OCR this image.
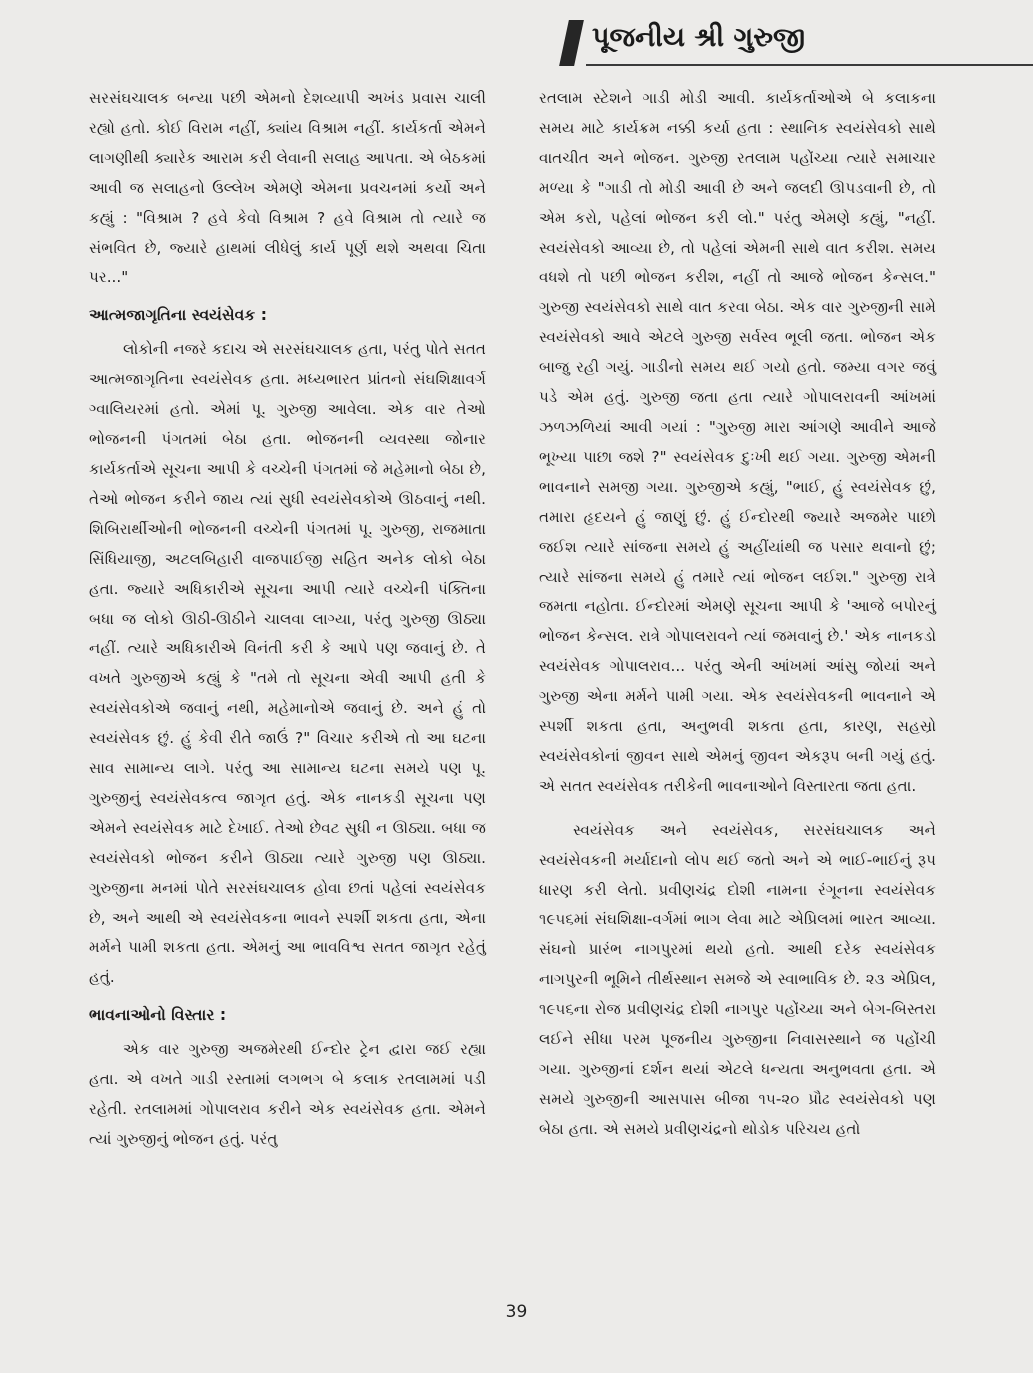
પૂજનીય શ્રી ગુરુજી

સરસંઘચાલક બન્યા પછી એમનો દેશવ્યાપી અખંડ પ્રવાસ ચાલી રહ્યો હતો. કોઈ વિરામ નહીં, ક્યાંય વિશ્રામ નહીં. કાર્યકર્તા એમને લાગણીથી ક્યારેક આરામ કરી લેવાની સલાહ આપતા. એ બેઠકમાં આવી જ સલાહનો ઉલ્લેખ એમણે એમના પ્રવચનમાં કર્યો અને કહ્યું : "વિશ્રામ ? હવે કેવો વિશ્રામ ? હવે વિશ્રામ તો ત્યારે જ સંભવિત છે, જ્યારે હાથમાં લીધેલું કાર્ય પૂર્ણ થશે અથવા ચિતા પર..."

આત્મજાગૃતિના સ્વયંસેવક :

લોકોની નજરે કદાચ એ સરસંઘચાલક હતા, પરંતુ પોતે સતત આત્મજાગૃતિના સ્વયંસેવક હતા. મધ્યભારત પ્રાંતનો સંઘશિક્ષાવર્ગ ગ્વાલિયરમાં હતો. એમાં પૂ. ગુરુજી આવેલા. એક વાર તેઓ ભોજનની પંગતમાં બેઠા હતા. ભોજનની વ્યવસ્થા જોનાર કાર્યકર્તાએ સૂચના આપી કે વચ્ચેની પંગતમાં જે મહેમાનો બેઠા છે, તેઓ ભોજન કરીને જાય ત્યાં સુધી સ્વયંસેવકોએ ઊઠવાનું નથી. શિબિરાર્થીઓની ભોજનની વચ્ચેની પંગતમાં પૂ. ગુરુજી, રાજમાતા સિંધિયાજી, અટલબિહારી વાજપાઈજી સહિત અનેક લોકો બેઠા હતા. જ્યારે અધિકારીએ સૂચના આપી ત્યારે વચ્ચેની પંક્તિના બધા જ લોકો ઊઠી-ઊઠીને ચાલવા લાગ્યા, પરંતુ ગુરુજી ઊઠ્યા નહીં. ત્યારે અધિકારીએ વિનંતી કરી કે આપે પણ જવાનું છે. તે વખતે ગુરુજીએ કહ્યું કે "તમે તો સૂચના એવી આપી હતી કે સ્વયંસેવકોએ જવાનું નથી, મહેમાનોએ જવાનું છે. અને હું તો સ્વયંસેવક છું. હું કેવી રીતે જાઉં ?" વિચાર કરીએ તો આ ઘટના સાવ સામાન્ય લાગે. પરંતુ આ સામાન્ય ઘટના સમયે પણ પૂ. ગુરુજીનું સ્વયંસેવકત્વ જાગૃત હતું. એક નાનકડી સૂચના પણ એમને સ્વયંસેવક માટે દેખાઈ. તેઓ છેવટ સુધી ન ઊઠ્યા. બધા જ સ્વયંસેવકો ભોજન કરીને ઊઠ્યા ત્યારે ગુરુજી પણ ઊઠ્યા. ગુરુજીના મનમાં પોતે સરસંઘચાલક હોવા છતાં પહેલાં સ્વયંસેવક છે, અને આથી એ સ્વયંસેવકના ભાવને સ્પર્શી શકતા હતા, એના મર્મને પામી શકતા હતા. એમનું આ ભાવવિશ્વ સતત જાગૃત રહેતું હતું.

ભાવનાઓનો વિસ્તાર :

એક વાર ગુરુજી અજમેરથી ઈન્દોર ટ્રેન દ્વારા જઈ રહ્યા હતા. એ વખતે ગાડી રસ્તામાં લગભગ બે કલાક રતલામમાં પડી રહેતી. રતલામમાં ગોપાલરાવ કરીને એક સ્વયંસેવક હતા. એમને ત્યાં ગુરુજીનું ભોજન હતું. પરંતુ

રતલામ સ્ટેશને ગાડી મોડી આવી. કાર્યકર્તાઓએ બે કલાકના સમય માટે કાર્યક્રમ નક્કી કર્યા હતા : સ્થાનિક સ્વયંસેવકો સાથે વાતચીત અને ભોજન. ગુરુજી રતલામ પહોંચ્યા ત્યારે સમાચાર મળ્યા કે "ગાડી તો મોડી આવી છે અને જલદી ઊપડવાની છે, તો એમ કરો, પહેલાં ભોજન કરી લો." પરંતુ એમણે કહ્યું, "નહીં. સ્વયંસેવકો આવ્યા છે, તો પહેલાં એમની સાથે વાત કરીશ. સમય વધશે તો પછી ભોજન કરીશ, નહીં તો આજે ભોજન કેન્સલ." ગુરુજી સ્વયંસેવકો સાથે વાત કરવા બેઠા. એક વાર ગુરુજીની સામે સ્વયંસેવકો આવે એટલે ગુરુજી સર્વસ્વ ભૂલી જતા. ભોજન એક બાજુ રહી ગયું. ગાડીનો સમય થઈ ગયો હતો. જમ્યા વગર જવું પડે એમ હતું. ગુરુજી જતા હતા ત્યારે ગોપાલરાવની આંખમાં ઝળઝળિયાં આવી ગયાં : "ગુરુજી મારા આંગણે આવીને આજે ભૂખ્યા પાછા જશે ?" સ્વયંસેવક દુઃખી થઈ ગયા. ગુરુજી એમની ભાવનાને સમજી ગયા. ગુરુજીએ કહ્યું, "ભાઈ, હું સ્વયંસેવક છું, તમારા હૃદયને હું જાણું છું. હું ઈન્દોરથી જ્યારે અજમેર પાછો જઈશ ત્યારે સાંજના સમયે હું અહીંયાંથી જ પસાર થવાનો છું; ત્યારે સાંજના સમયે હું તમારે ત્યાં ભોજન લઈશ." ગુરુજી રાત્રે જમતા નહોતા. ઈન્દોરમાં એમણે સૂચના આપી કે 'આજે બપોરનું ભોજન કેન્સલ. રાત્રે ગોપાલરાવને ત્યાં જમવાનું છે.' એક નાનકડો સ્વયંસેવક ગોપાલરાવ... પરંતુ એની આંખમાં આંસુ જોયાં અને ગુરુજી એના મર્મને પામી ગયા. એક સ્વયંસેવકની ભાવનાને એ સ્પર્શી શકતા હતા, અનુભવી શકતા હતા, કારણ, સહસ્રો સ્વયંસેવકોનાં જીવન સાથે એમનું જીવન એકરૂપ બની ગયું હતું. એ સતત સ્વયંસેવક તરીકેની ભાવનાઓને વિસ્તારતા જતા હતા.

સ્વયંસેવક અને સ્વયંસેવક, સરસંઘચાલક અને સ્વયંસેવકની મર્યાદાનો લોપ થઈ જતો અને એ ભાઈ-ભાઈનું રૂપ ધારણ કરી લેતો. પ્રવીણચંદ્ર દોશી નામના રંગૂનના સ્વયંસેવક ૧૯૫૬માં સંઘશિક્ષા-વર્ગમાં ભાગ લેવા માટે એપ્રિલમાં ભારત આવ્યા. સંઘનો પ્રારંભ નાગપુરમાં થયો હતો. આથી દરેક સ્વયંસેવક નાગપુરની ભૂમિને તીર્થસ્થાન સમજે એ સ્વાભાવિક છે. ૨૩ એપ્રિલ, ૧૯૫૬ના રોજ પ્રવીણચંદ્ર દોશી નાગપુર પહોંચ્યા અને બેગ-બિસ્તરા લઈને સીધા પરમ પૂજનીય ગુરુજીના નિવાસસ્થાને જ પહોંચી ગયા. ગુરુજીનાં દર્શન થયાં એટલે ધન્યતા અનુભવતા હતા. એ સમયે ગુરુજીની આસપાસ બીજા ૧૫-૨૦ પ્રૌઢ સ્વયંસેવકો પણ બેઠા હતા. એ સમયે પ્રવીણચંદ્રનો થોડોક પરિચય હતો

39
